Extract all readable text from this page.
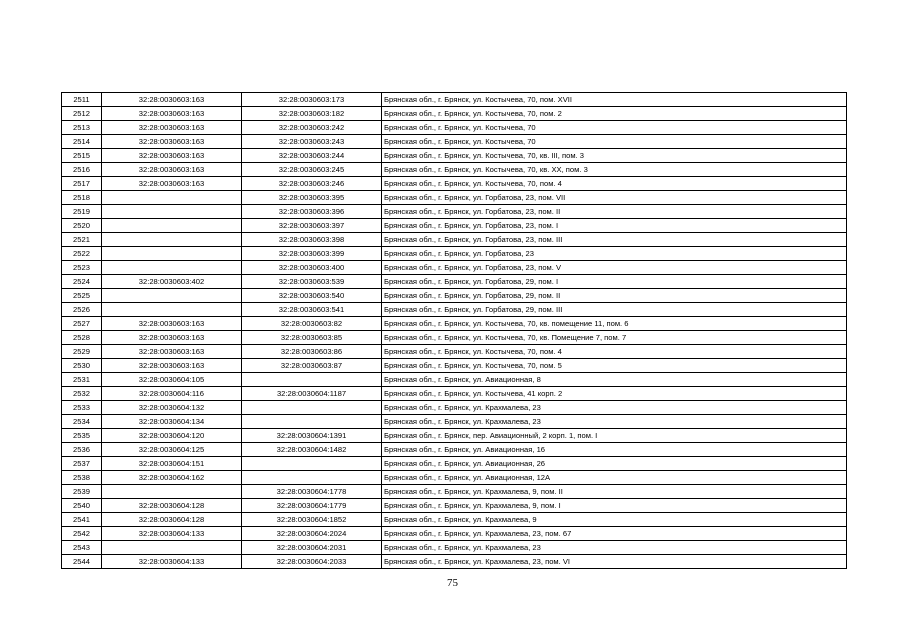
2511	32:28:0030603:163	32:28:0030603:173	Брянская обл., г. Брянск, ул. Костычева, 70, пом. XVII
2512	32:28:0030603:163	32:28:0030603:182	Брянская обл., г. Брянск, ул. Костычева, 70, пом. 2
2513	32:28:0030603:163	32:28:0030603:242	Брянская обл., г. Брянск, ул. Костычева, 70
2514	32:28:0030603:163	32:28:0030603:243	Брянская обл., г. Брянск, ул. Костычева, 70
2515	32:28:0030603:163	32:28:0030603:244	Брянская обл., г. Брянск, ул. Костычева, 70, кв. III, пом. 3
2516	32:28:0030603:163	32:28:0030603:245	Брянская обл., г. Брянск, ул. Костычева, 70, кв. XX, пом. 3
2517	32:28:0030603:163	32:28:0030603:246	Брянская обл., г. Брянск, ул. Костычева, 70, пом. 4
2518		32:28:0030603:395	Брянская обл., г. Брянск, ул. Горбатова, 23, пом. VII
2519		32:28:0030603:396	Брянская обл., г. Брянск, ул. Горбатова, 23, пом. II
2520		32:28:0030603:397	Брянская обл., г. Брянск, ул. Горбатова, 23, пом. I
2521		32:28:0030603:398	Брянская обл., г. Брянск, ул. Горбатова, 23, пом. III
2522		32:28:0030603:399	Брянская обл., г. Брянск, ул. Горбатова, 23
2523		32:28:0030603:400	Брянская обл., г. Брянск, ул. Горбатова, 23, пом. V
2524	32:28:0030603:402	32:28:0030603:539	Брянская обл., г. Брянск, ул. Горбатова, 29, пом. I
2525		32:28:0030603:540	Брянская обл., г. Брянск, ул. Горбатова, 29, пом. II
2526		32:28:0030603:541	Брянская обл., г. Брянск, ул. Горбатова, 29, пом. III
2527	32:28:0030603:163	32:28:0030603:82	Брянская обл., г. Брянск, ул. Костычева, 70, кв. помещение 11, пом. 6
2528	32:28:0030603:163	32:28:0030603:85	Брянская обл., г. Брянск, ул. Костычева, 70, кв. Помещение 7, пом. 7
2529	32:28:0030603:163	32:28:0030603:86	Брянская обл., г. Брянск, ул. Костычева, 70, пом. 4
2530	32:28:0030603:163	32:28:0030603:87	Брянская обл., г. Брянск, ул. Костычева, 70, пом. 5
2531	32:28:0030604:105		Брянская обл., г. Брянск, ул. Авиационная, 8
2532	32:28:0030604:116	32:28:0030604:1187	Брянская обл., г. Брянск, ул. Костычева, 41 корп. 2
2533	32:28:0030604:132		Брянская обл., г. Брянск, ул. Крахмалева, 23
2534	32:28:0030604:134		Брянская обл., г. Брянск, ул. Крахмалева, 23
2535	32:28:0030604:120	32:28:0030604:1391	Брянская обл., г. Брянск, пер. Авиационный, 2 корп. 1, пом. I
2536	32:28:0030604:125	32:28:0030604:1482	Брянская обл., г. Брянск, ул. Авиационная, 16
2537	32:28:0030604:151		Брянская обл., г. Брянск, ул. Авиационная, 26
2538	32:28:0030604:162		Брянская обл., г. Брянск, ул. Авиационная, 12А
2539		32:28:0030604:1778	Брянская обл., г. Брянск, ул. Крахмалева, 9, пом. II
2540	32:28:0030604:128	32:28:0030604:1779	Брянская обл., г. Брянск, ул. Крахмалева, 9, пом. I
2541	32:28:0030604:128	32:28:0030604:1852	Брянская обл., г. Брянск, ул. Крахмалева, 9
2542	32:28:0030604:133	32:28:0030604:2024	Брянская обл., г. Брянск, ул. Крахмалева, 23, пом. 67
2543		32:28:0030604:2031	Брянская обл., г. Брянск, ул. Крахмалева, 23
2544	32:28:0030604:133	32:28:0030604:2033	Брянская обл., г. Брянск, ул. Крахмалева, 23, пом. VI
75
